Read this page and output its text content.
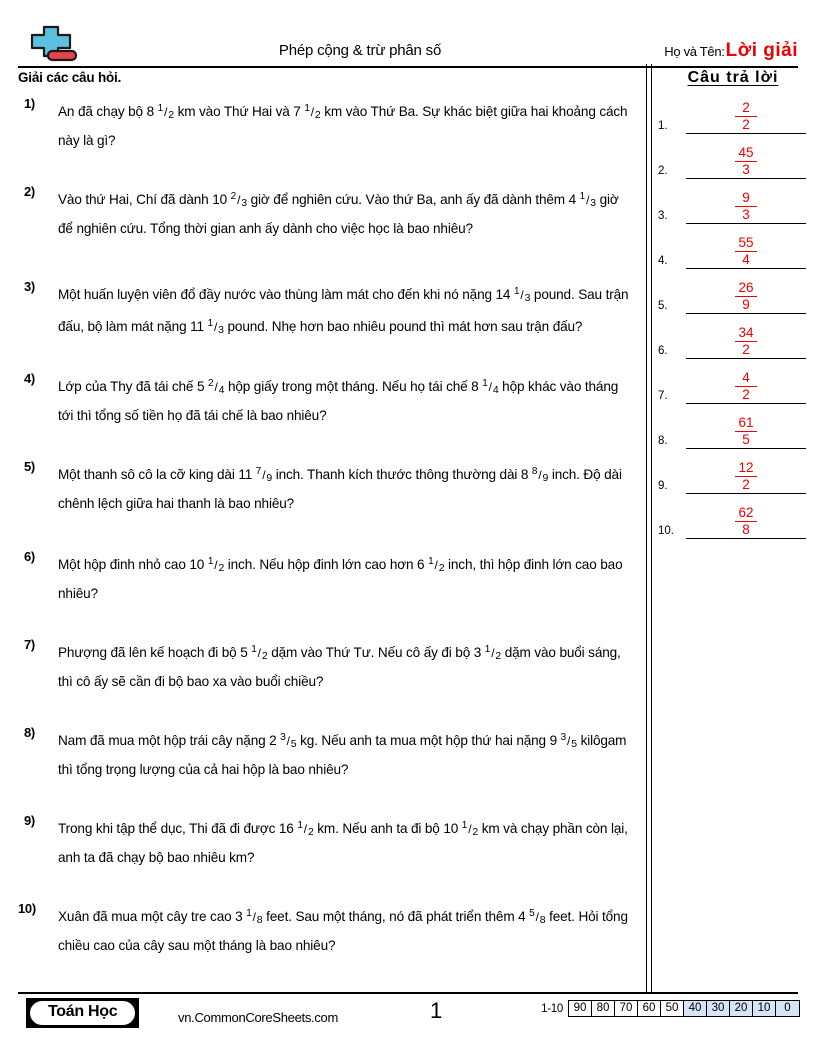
Phép cộng & trừ phân số	Họ và Tên: Lời giải
Giải các câu hỏi.
1)
An đã chạy bộ 8 $^1$/2 km vào Thứ Hai và 7 $^1$/2 km vào Thứ Ba. Sự khác biệt giữa hai khoảng cách này là gì?
2)
Vào thứ Hai, Chí đã dành 10 $^2$/3 giờ để nghiên cứu. Vào thứ Ba, anh ấy đã dành thêm 4 $^1$/3 giờ để nghiên cứu. Tổng thời gian anh ấy dành cho việc học là bao nhiêu?
3)
Một huấn luyện viên đổ đầy nước vào thùng làm mát cho đến khi nó nặng 14 $^1$/3 pound. Sau trận đấu, bộ làm mát nặng 11 $^1$/3 pound. Nhẹ hơn bao nhiêu pound thì mát hơn sau trận đấu?
4)
Lớp của Thy đã tái chế 5 $^2$/4 hộp giấy trong một tháng. Nếu họ tái chế 8 $^1$/4 hộp khác vào tháng tới thì tổng số tiền họ đã tái chế là bao nhiêu?
5)
Một thanh sô cô la cỡ king dài 11 $^7$/9 inch. Thanh kích thước thông thường dài 8 $^8$/9 inch. Độ dài chênh lệch giữa hai thanh là bao nhiêu?
6)
Một hộp đinh nhỏ cao 10 $^1$/2 inch. Nếu hộp đinh lớn cao hơn 6 $^1$/2 inch, thì hộp đinh lớn cao bao nhiêu?
7)
Phượng đã lên kế hoạch đi bộ 5 $^1$/2 dặm vào Thứ Tư. Nếu cô ấy đi bộ 3 $^1$/2 dặm vào buổi sáng, thì cô ấy sẽ cần đi bộ bao xa vào buổi chiều?
8)
Nam đã mua một hộp trái cây nặng 2 $^3$/5 kg. Nếu anh ta mua một hộp thứ hai nặng 9 $^3$/5 kilôgam thì tổng trọng lượng của cả hai hộp là bao nhiêu?
9)
Trong khi tập thể dục, Thi đã đi được 16 $^1$/2 km. Nếu anh ta đi bộ 10 $^1$/2 km và chạy phần còn lại, anh ta đã chạy bộ bao nhiêu km?
10)
Xuân đã mua một cây tre cao 3 $^1$/8 feet. Sau một tháng, nó đã phát triển thêm 4 $^5$/8 feet. Hỏi tổng chiều cao của cây sau một tháng là bao nhiêu?
Câu trả lời
1. $\frac{2}{2}$
2. $\frac{45}{3}$
3. $\frac{9}{3}$
4. $\frac{55}{4}$
5. $\frac{26}{9}$
6. $\frac{34}{2}$
7. $\frac{4}{2}$
8. $\frac{61}{5}$
9. $\frac{12}{2}$
10. $\frac{62}{8}$
Toán Học	vn.CommonCoreSheets.com	1	1-10 90 80 70 60 50 40 30 20 10	0
